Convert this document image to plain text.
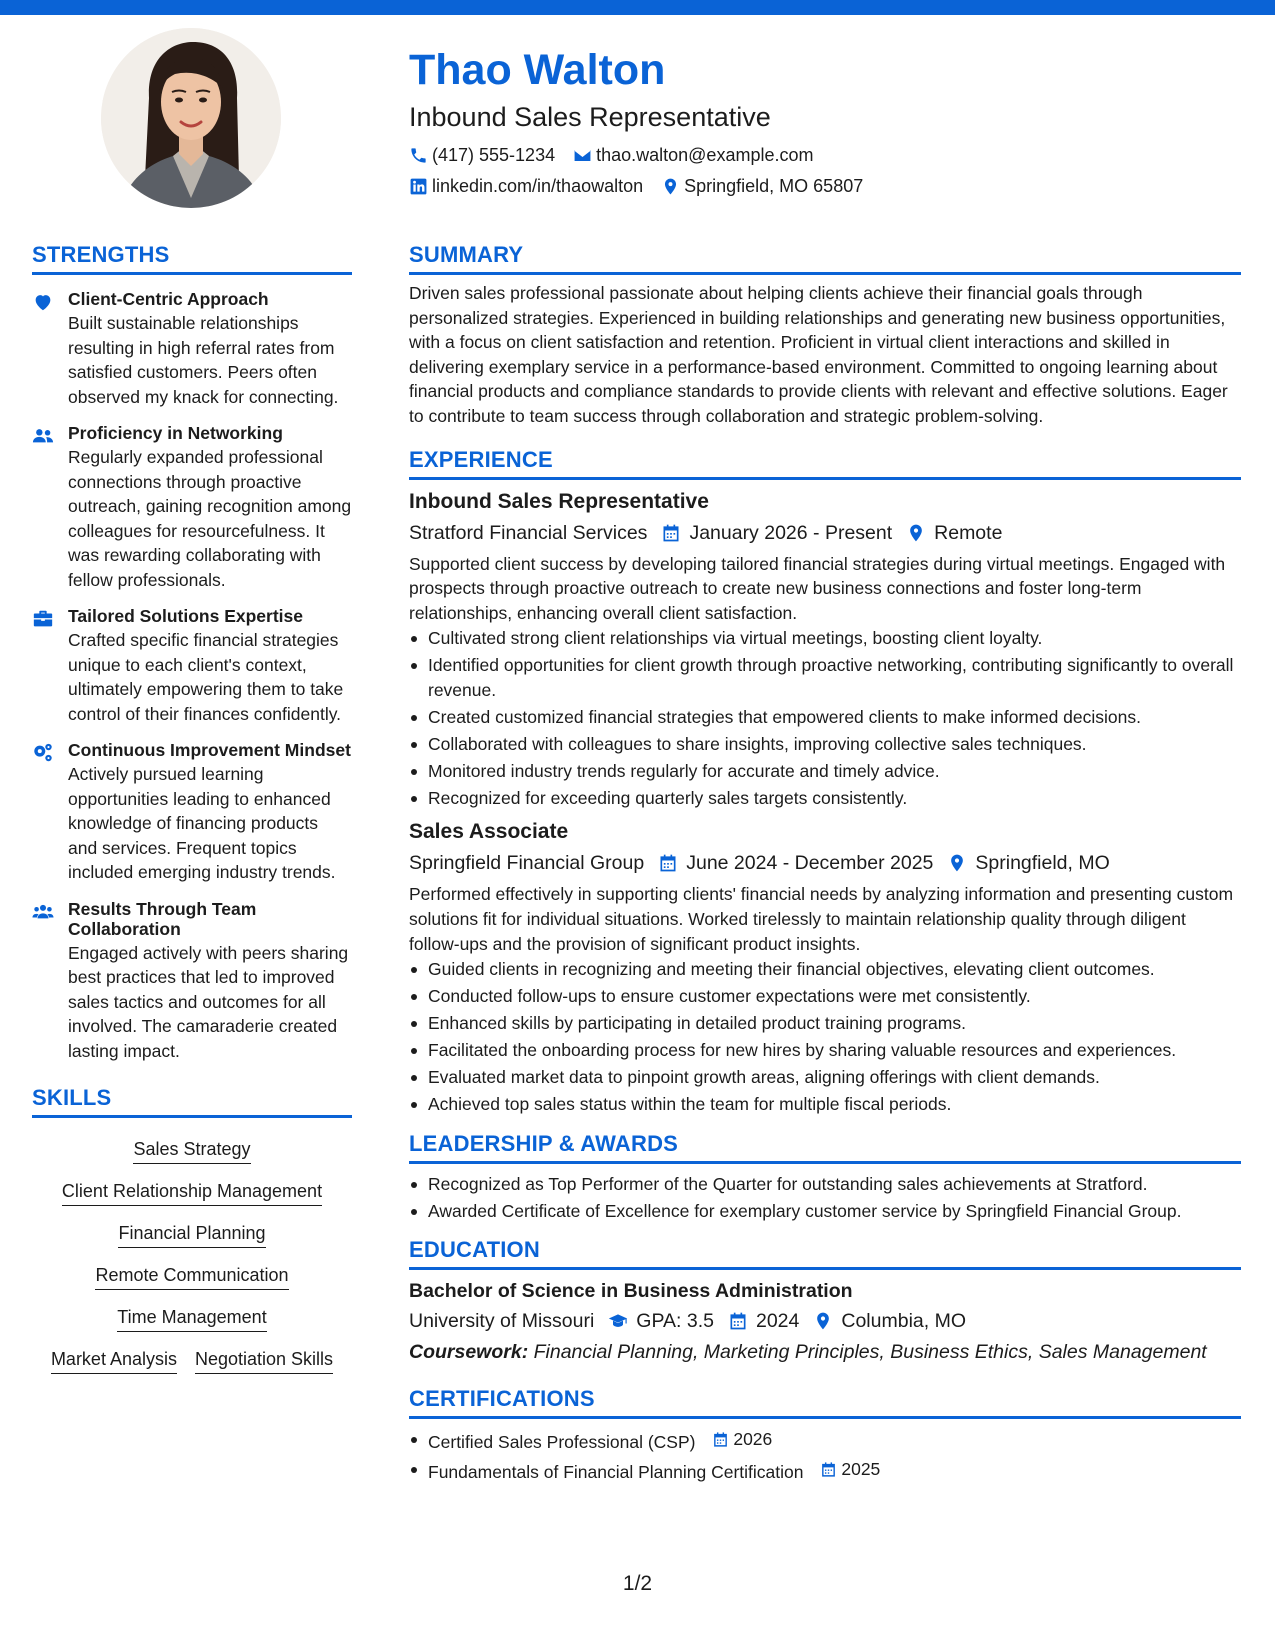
Thao Walton
Inbound Sales Representative
(417) 555-1234 thao.walton@example.com
linkedin.com/in/thaowalton Springfield, MO 65807
STRENGTHS
Client-Centric Approach
Built sustainable relationships resulting in high referral rates from satisfied customers. Peers often observed my knack for connecting.
Proficiency in Networking
Regularly expanded professional connections through proactive outreach, gaining recognition among colleagues for resourcefulness. It was rewarding collaborating with fellow professionals.
Tailored Solutions Expertise
Crafted specific financial strategies unique to each client's context, ultimately empowering them to take control of their finances confidently.
Continuous Improvement Mindset
Actively pursued learning opportunities leading to enhanced knowledge of financing products and services. Frequent topics included emerging industry trends.
Results Through Team Collaboration
Engaged actively with peers sharing best practices that led to improved sales tactics and outcomes for all involved. The camaraderie created lasting impact.
SKILLS
Sales Strategy
Client Relationship Management
Financial Planning
Remote Communication
Time Management
Market Analysis Negotiation Skills
SUMMARY
Driven sales professional passionate about helping clients achieve their financial goals through personalized strategies. Experienced in building relationships and generating new business opportunities, with a focus on client satisfaction and retention. Proficient in virtual client interactions and skilled in delivering exemplary service in a performance-based environment. Committed to ongoing learning about financial products and compliance standards to provide clients with relevant and effective solutions. Eager to contribute to team success through collaboration and strategic problem-solving.
EXPERIENCE
Inbound Sales Representative
Stratford Financial Services January 2026 - Present Remote
Supported client success by developing tailored financial strategies during virtual meetings. Engaged with prospects through proactive outreach to create new business connections and foster long-term relationships, enhancing overall client satisfaction.
Cultivated strong client relationships via virtual meetings, boosting client loyalty.
Identified opportunities for client growth through proactive networking, contributing significantly to overall revenue.
Created customized financial strategies that empowered clients to make informed decisions.
Collaborated with colleagues to share insights, improving collective sales techniques.
Monitored industry trends regularly for accurate and timely advice.
Recognized for exceeding quarterly sales targets consistently.
Sales Associate
Springfield Financial Group June 2024 - December 2025 Springfield, MO
Performed effectively in supporting clients' financial needs by analyzing information and presenting custom solutions fit for individual situations. Worked tirelessly to maintain relationship quality through diligent follow-ups and the provision of significant product insights.
Guided clients in recognizing and meeting their financial objectives, elevating client outcomes.
Conducted follow-ups to ensure customer expectations were met consistently.
Enhanced skills by participating in detailed product training programs.
Facilitated the onboarding process for new hires by sharing valuable resources and experiences.
Evaluated market data to pinpoint growth areas, aligning offerings with client demands.
Achieved top sales status within the team for multiple fiscal periods.
LEADERSHIP & AWARDS
Recognized as Top Performer of the Quarter for outstanding sales achievements at Stratford.
Awarded Certificate of Excellence for exemplary customer service by Springfield Financial Group.
EDUCATION
Bachelor of Science in Business Administration
University of Missouri GPA: 3.5 2024 Columbia, MO
Coursework: Financial Planning, Marketing Principles, Business Ethics, Sales Management
CERTIFICATIONS
Certified Sales Professional (CSP) 2026
Fundamentals of Financial Planning Certification 2025
1/2
